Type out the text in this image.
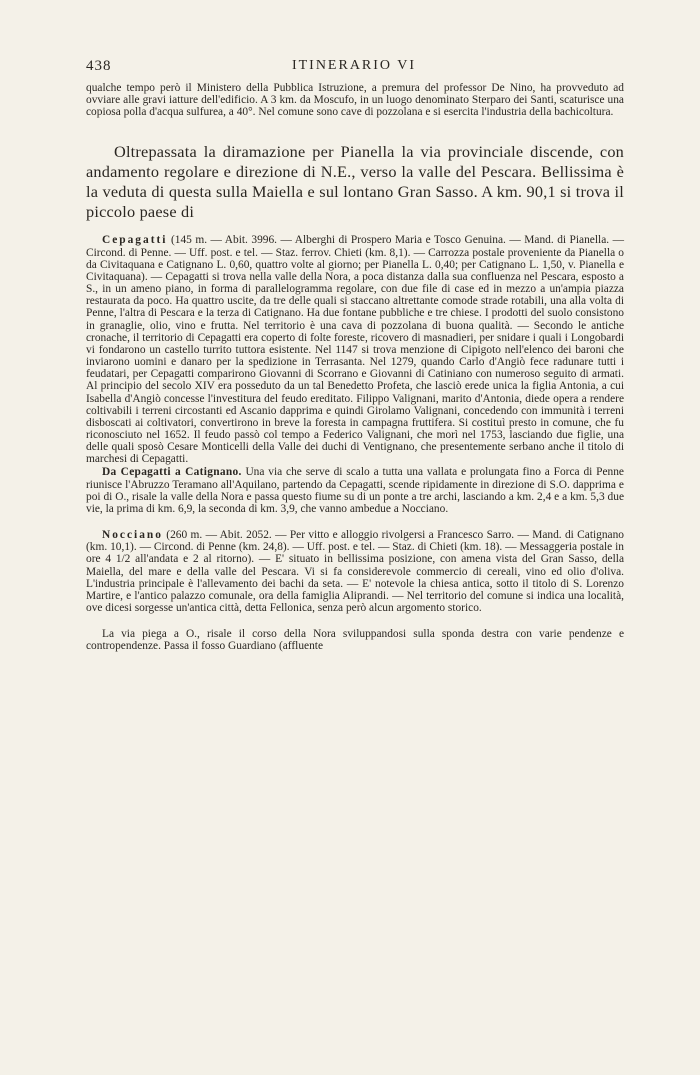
438	ITINERARIO VI

qualche tempo però il Ministero della Pubblica Istruzione, a premura del professor De Nino, ha provveduto ad ovviare alle gravi iatture dell'edificio. A 3 km. da Moscufo, in un luogo denominato Sterparo dei Santi, scaturisce una copiosa polla d'acqua sulfurea, a 40°. Nel comune sono cave di pozzolana e si esercita l'industria della bachicoltura.

Oltrepassata la diramazione per Pianella la via provinciale discende, con andamento regolare e direzione di N.E., verso la valle del Pescara. Bellissima è la veduta di questa sulla Maiella e sul lontano Gran Sasso. A km. 90,1 si trova il piccolo paese di

Cepagatti (145 m. — Abit. 3996. — Alberghi di Prospero Maria e Tosco Genuina. — Mand. di Pianella. — Circond. di Penne. — Uff. post. e tel. — Staz. ferrov. Chieti (km. 8,1). — Carrozza postale proveniente da Pianella o da Civitaquana e Catignano L. 0,60, quattro volte al giorno; per Pianella L. 0,40; per Catignano L. 1,50, v. Pianella e Civitaquana). — Cepagatti si trova nella valle della Nora, a poca distanza dalla sua confluenza nel Pescara, esposto a S., in un ameno piano, in forma di parallelogramma regolare, con due file di case ed in mezzo a un'ampia piazza restaurata da poco. Ha quattro uscite, da tre delle quali si staccano altrettante comode strade rotabili, una alla volta di Penne, l'altra di Pescara e la terza di Catignano. Ha due fontane pubbliche e tre chiese. I prodotti del suolo consistono in granaglie, olio, vino e frutta. Nel territorio è una cava di pozzolana di buona qualità. — Secondo le antiche cronache, il territorio di Cepagatti era coperto di folte foreste, ricovero di masnadieri, per snidare i quali i Longobardi vi fondarono un castello turrito tuttora esistente. Nel 1147 si trova menzione di Cipigoto nell'elenco dei baroni che inviarono uomini e danaro per la spedizione in Terrasanta. Nel 1279, quando Carlo d'Angiò fece radunare tutti i feudatari, per Cepagatti comparirono Giovanni di Scorrano e Giovanni di Catiniano con numeroso seguito di armati. Al principio del secolo XIV era posseduto da un tal Benedetto Profeta, che lasciò erede unica la figlia Antonia, a cui Isabella d'Angiò concesse l'investitura del feudo ereditato. Filippo Valignani, marito d'Antonia, diede opera a rendere coltivabili i terreni circostanti ed Ascanio dapprima e quindi Girolamo Valignani, concedendo con immunità i terreni disboscati ai coltivatori, convertirono in breve la foresta in campagna fruttifera. Si costituì presto in comune, che fu riconosciuto nel 1652. Il feudo passò col tempo a Federico Valignani, che morì nel 1753, lasciando due figlie, una delle quali sposò Cesare Monticelli della Valle dei duchi di Ventignano, che presentemente serbano anche il titolo di marchesi di Cepagatti.

Da Cepagatti a Catignano. Una via che serve di scalo a tutta una vallata e prolungata fino a Forca di Penne riunisce l'Abruzzo Teramano all'Aquilano, partendo da Cepagatti, scende ripidamente in direzione di S.O. dapprima e poi di O., risale la valle della Nora e passa questo fiume su di un ponte a tre archi, lasciando a km. 2,4 e a km. 5,3 due vie, la prima di km. 6,9, la seconda di km. 3,9, che vanno ambedue a Nocciano.

Nocciano (260 m. — Abit. 2052. — Per vitto e alloggio rivolgersi a Francesco Sarro. — Mand. di Catignano (km. 10,1). — Circond. di Penne (km. 24,8). — Uff. post. e tel. — Staz. di Chieti (km. 18). — Messaggeria postale in ore 4 1/2 all'andata e 2 al ritorno). — E' situato in bellissima posizione, con amena vista del Gran Sasso, della Maiella, del mare e della valle del Pescara. Vi si fa considerevole commercio di cereali, vino ed olio d'oliva. L'industria principale è l'allevamento dei bachi da seta. — E' notevole la chiesa antica, sotto il titolo di S. Lorenzo Martire, e l'antico palazzo comunale, ora della famiglia Aliprandi. — Nel territorio del comune si indica una località, ove dicesi sorgesse un'antica città, detta Fellonica, senza però alcun argomento storico.

La via piega a O., risale il corso della Nora sviluppandosi sulla sponda destra con varie pendenze e contropendenze. Passa il fosso Guardiano (affluente
